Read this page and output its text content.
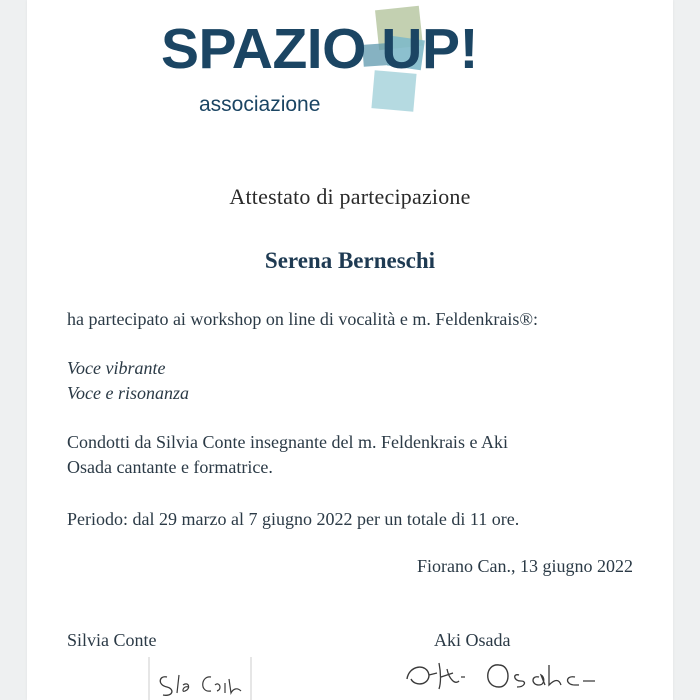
SPAZIO UP!
associazione
Attestato di partecipazione
Serena Berneschi
ha partecipato ai workshop on line di vocalità e m. Feldenkrais®:
Voce vibrante
Voce e risonanza
Condotti da Silvia Conte insegnante del m. Feldenkrais e Aki
Osada cantante e formatrice.
Periodo: dal 29 marzo al 7 giugno 2022 per un totale di 11 ore.
Fiorano Can., 13 giugno 2022
Silvia Conte	Aki Osada
